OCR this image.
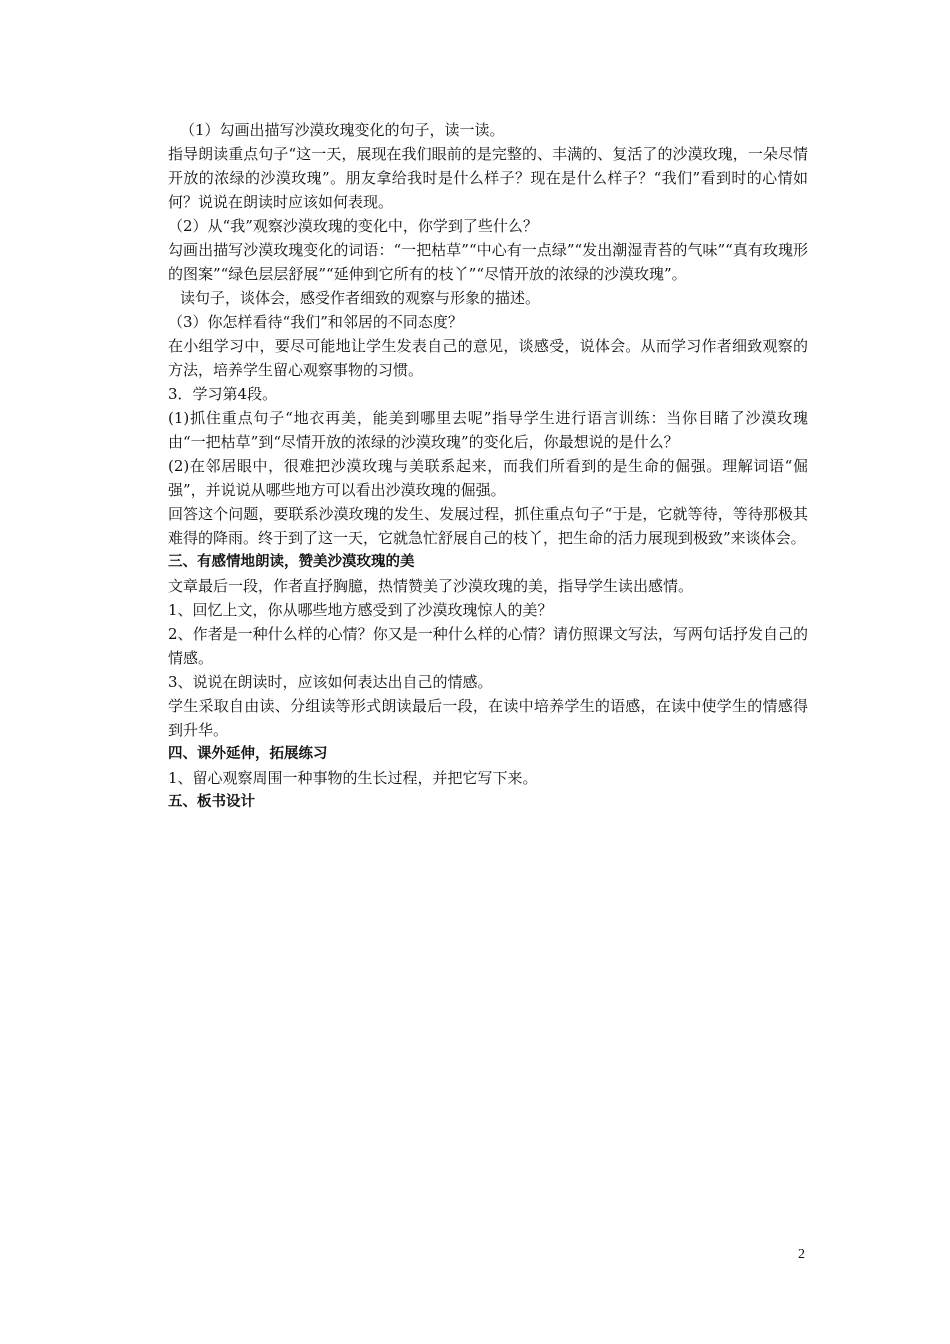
（1）勾画出描写沙漠玫瑰变化的句子，读一读。

指导朗读重点句子“这一天，展现在我们眼前的是完整的、丰满的、复活了的沙漠玫瑰，一朵尽情开放的浓绿的沙漠玫瑰”。朋友拿给我时是什么样子？现在是什么样子？“我们”看到时的心情如何？说说在朗读时应该如何表现。

（2）从“我”观察沙漠玫瑰的变化中，你学到了些什么？

勾画出描写沙漠玫瑰变化的词语：“一把枯草”“中心有一点绿”“发出潮湿青苔的气味”“真有玫瑰形的图案”“绿色层层舒展”“延伸到它所有的枝丫”“尽情开放的浓绿的沙漠玫瑰”。

读句子，谈体会，感受作者细致的观察与形象的描述。

（3）你怎样看待“我们”和邻居的不同态度？

在小组学习中，要尽可能地让学生发表自己的意见，谈感受，说体会。从而学习作者细致观察的方法，培养学生留心观察事物的习惯。

3．学习第4段。

(1)抓住重点句子“地衣再美，能美到哪里去呢”指导学生进行语言训练：当你目睹了沙漠玫瑰由“一把枯草”到“尽情开放的浓绿的沙漠玫瑰”的变化后，你最想说的是什么？

(2)在邻居眼中，很难把沙漠玫瑰与美联系起来，而我们所看到的是生命的倔强。理解词语“倔强”，并说说从哪些地方可以看出沙漠玫瑰的倔强。

回答这个问题，要联系沙漠玫瑰的发生、发展过程，抓住重点句子“于是，它就等待，等待那极其难得的降雨。终于到了这一天，它就急忙舒展自己的枝丫，把生命的活力展现到极致”来谈体会。

三、有感情地朗读，赞美沙漠玫瑰的美

文章最后一段，作者直抒胸臆，热情赞美了沙漠玫瑰的美，指导学生读出感情。

1、回忆上文，你从哪些地方感受到了沙漠玫瑰惊人的美？

2、作者是一种什么样的心情？你又是一种什么样的心情？请仿照课文写法，写两句话抒发自己的情感。

3、说说在朗读时，应该如何表达出自己的情感。

学生采取自由读、分组读等形式朗读最后一段，在读中培养学生的语感，在读中使学生的情感得到升华。

四、课外延伸，拓展练习

1、留心观察周围一种事物的生长过程，并把它写下来。

五、板书设计

2
